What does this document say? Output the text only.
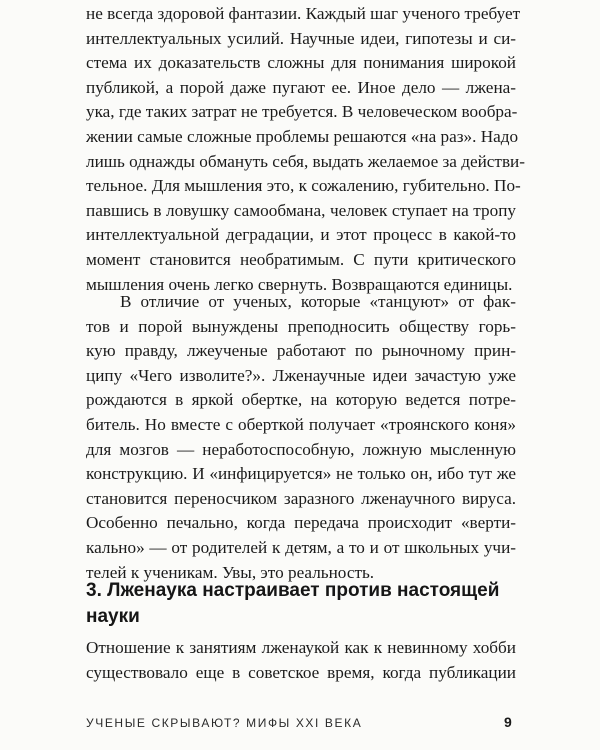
не всегда здоровой фантазии. Каждый шаг ученого требует
интеллектуальных усилий. Научные идеи, гипотезы и си-
стема их доказательств сложны для понимания широкой
публикой, а порой даже пугают ее. Иное дело — лжена-
ука, где таких затрат не требуется. В человеческом вообра-
жении самые сложные проблемы решаются «на раз». Надо
лишь однажды обмануть себя, выдать желаемое за действи-
тельное. Для мышления это, к сожалению, губительно. По-
павшись в ловушку самообмана, человек ступает на тропу
интеллектуальной деградации, и этот процесс в какой-то
момент становится необратимым. С пути критического
мышления очень легко свернуть. Возвращаются единицы.
В отличие от ученых, которые «танцуют» от фак-
тов и порой вынуждены преподносить обществу горь-
кую правду, лжеученые работают по рыночному прин-
ципу «Чего изволите?». Лженаучные идеи зачастую уже
рождаются в яркой обертке, на которую ведется потре-
битель. Но вместе с оберткой получает «троянского коня»
для мозгов — неработоспособную, ложную мысленную
конструкцию. И «инфицируется» не только он, ибо тут же
становится переносчиком заразного лженаучного вируса.
Особенно печально, когда передача происходит «верти-
кально» — от родителей к детям, а то и от школьных учи-
телей к ученикам. Увы, это реальность.
3. Лженаука настраивает против настоящей
науки
Отношение к занятиям лженаукой как к невинному хобби
существовало еще в советское время, когда публикации
УЧЕНЫЕ СКРЫВАЮТ? МИФЫ XXI ВЕКА	9
